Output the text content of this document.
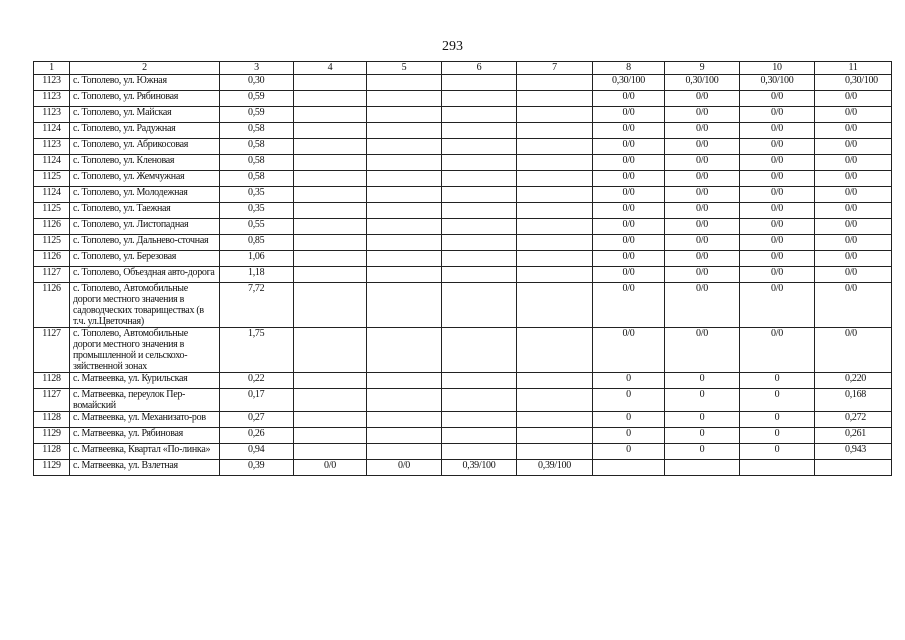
293
1	2	3	4	5	6	7	8	9	10	11
1123	с. Тополево, ул. Южная	0,30					0,30/100	0,30/100	0,30/100	0,30/100
1123	с. Тополево, ул. Рябиновая	0,59					0/0	0/0	0/0	0/0
1123	с. Тополево, ул. Майская	0,59					0/0	0/0	0/0	0/0
1124	с. Тополево, ул. Радужная	0,58					0/0	0/0	0/0	0/0
1123	с. Тополево, ул. Абрикосовая	0,58					0/0	0/0	0/0	0/0
1124	с. Тополево, ул. Кленовая	0,58					0/0	0/0	0/0	0/0
1125	с. Тополево, ул. Жемчужная	0,58					0/0	0/0	0/0	0/0
1124	с. Тополево, ул. Молодежная	0,35					0/0	0/0	0/0	0/0
1125	с. Тополево, ул. Таежная	0,35					0/0	0/0	0/0	0/0
1126	с. Тополево, ул. Листопадная	0,55					0/0	0/0	0/0	0/0
1125	с. Тополево, ул. Дальнево-сточная	0,85					0/0	0/0	0/0	0/0
1126	с. Тополево, ул. Березовая	1,06					0/0	0/0	0/0	0/0
1127	с. Тополево, Объездная авто-дорога	1,18					0/0	0/0	0/0	0/0
1126	с. Тополево, Автомобильные дороги местного значения в садоводческих товариществах (в т.ч. ул.Цветочная)	7,72					0/0	0/0	0/0	0/0
1127	с. Тополево, Автомобильные дороги местного значения в промышленной и сельскохо-зяйственной зонах	1,75					0/0	0/0	0/0	0/0
1128	с. Матвеевка, ул. Курильская	0,22					0	0	0	0,220
1127	с. Матвеевка, переулок Пер-вомайский	0,17					0	0	0	0,168
1128	с. Матвеевка, ул. Механизато-ров	0,27					0	0	0	0,272
1129	с. Матвеевка, ул. Рябиновая	0,26					0	0	0	0,261
1128	с. Матвеевка, Квартал «По-линка»	0,94					0	0	0	0,943
1129	с. Матвеевка, ул. Взлетная	0,39	0/0	0/0	0,39/100	0,39/100				
